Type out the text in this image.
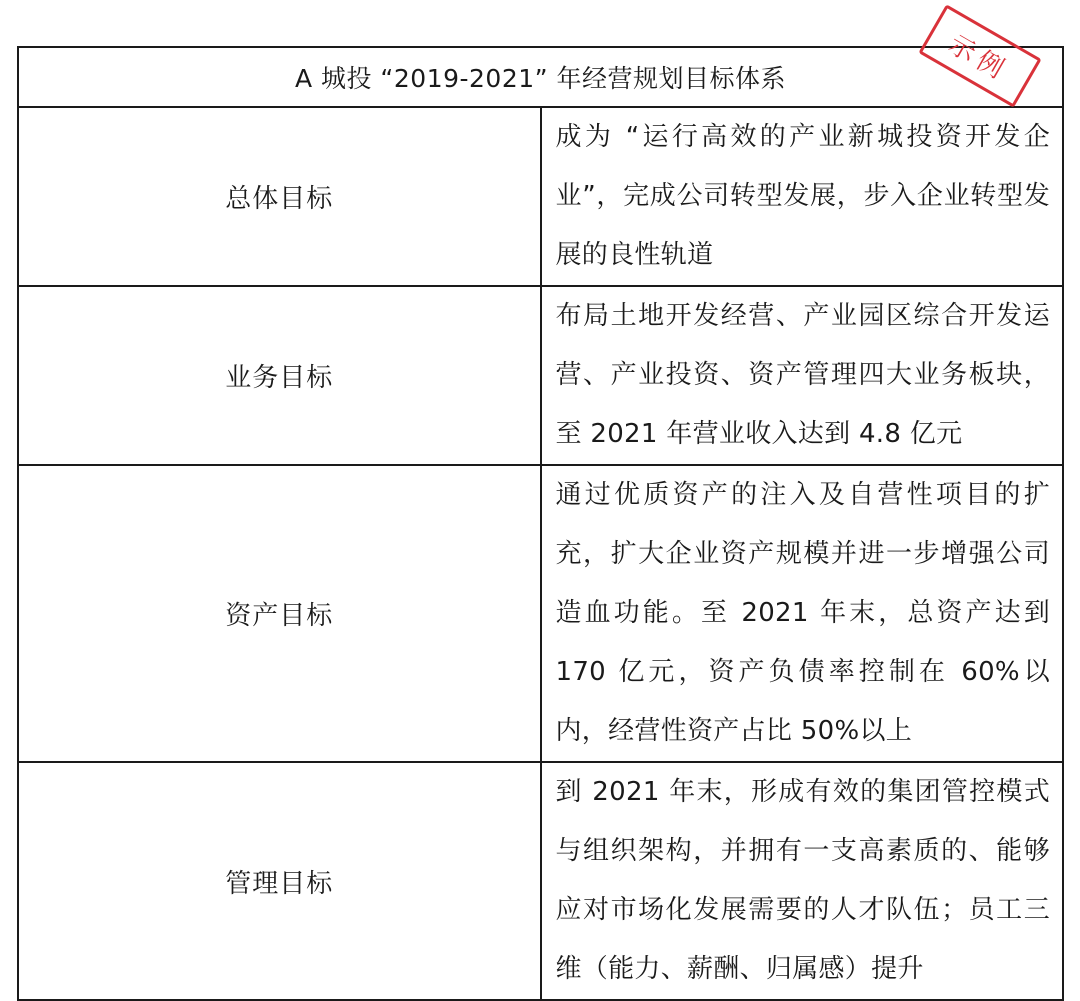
A 城投 “2019-2021” 年经营规划目标体系	
总体目标	成为 “运行高效的产业新城投资开发企业”，完成公司转型发展，步入企业转型发展的良性轨道
业务目标	布局土地开发经营、产业园区综合开发运营、产业投资、资产管理四大业务板块，至 2021 年营业收入达到 4.8 亿元
资产目标	通过优质资产的注入及自营性项目的扩充，扩大企业资产规模并进一步增强公司造血功能。至 2021 年末，总资产达到 170 亿元，资产负债率控制在 60%以内，经营性资产占比 50%以上
管理目标	到 2021 年末，形成有效的集团管控模式与组织架构，并拥有一支高素质的、能够应对市场化发展需要的人才队伍；员工三维（能力、薪酬、归属感）提升
示例
